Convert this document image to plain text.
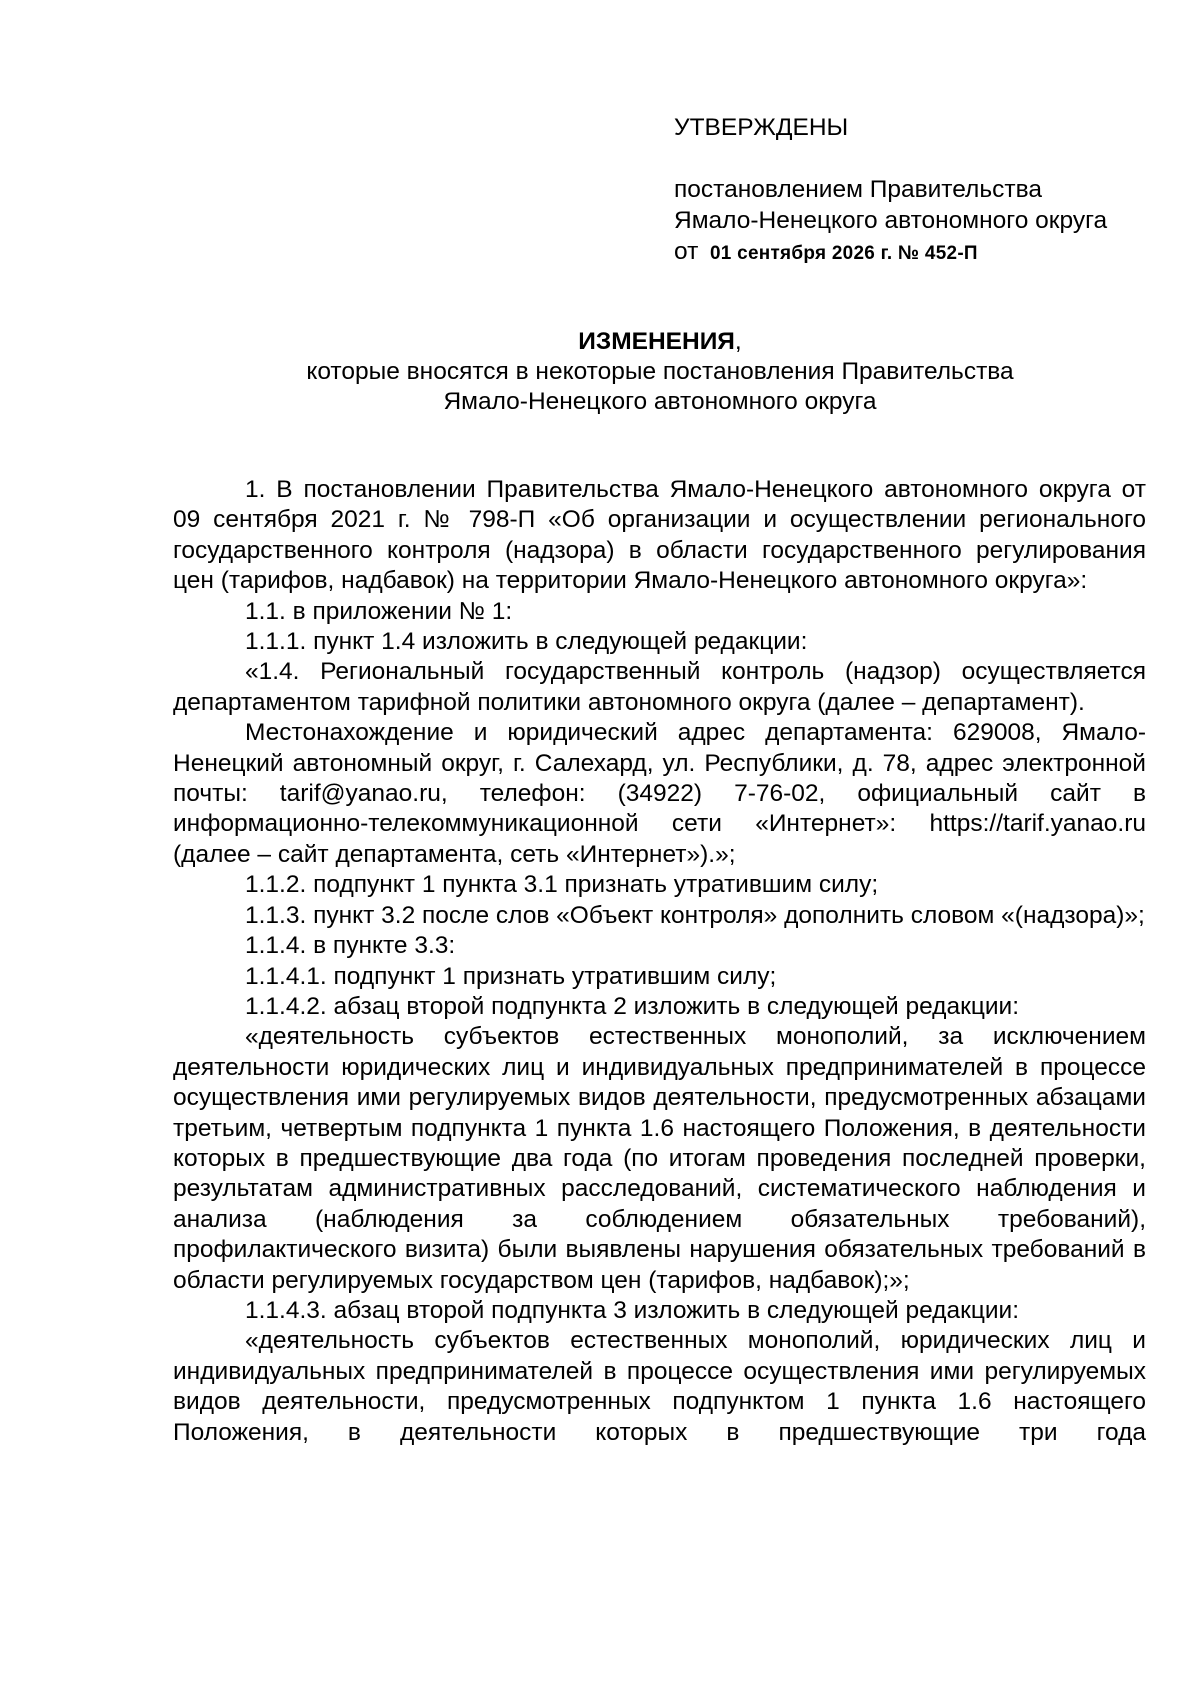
УТВЕРЖДЕНЫ
постановлением Правительства
Ямало-Ненецкого автономного округа
от 01 сентября 2026 г. № 452-П
ИЗМЕНЕНИЯ,
которые вносятся в некоторые постановления Правительства
Ямало-Ненецкого автономного округа

1. В постановлении Правительства Ямало-Ненецкого автономного округа от 09 сентября 2021 г. № 798-П «Об организации и осуществлении регионального государственного контроля (надзора) в области государственного регулирования цен (тарифов, надбавок) на территории Ямало-Ненецкого автономного округа»:

1.1. в приложении № 1:

1.1.1. пункт 1.4 изложить в следующей редакции:

«1.4. Региональный государственный контроль (надзор) осуществляется департаментом тарифной политики автономного округа (далее – департамент).

Местонахождение и юридический адрес департамента: 629008, Ямало-Ненецкий автономный округ, г. Салехард, ул. Республики, д. 78, адрес электронной почты: tarif@yanao.ru, телефон: (34922) 7-76-02, официальный сайт в информационно-телекоммуникационной сети «Интернет»: https://tarif.yanao.ru (далее – сайт департамента, сеть «Интернет»).»;

1.1.2. подпункт 1 пункта 3.1 признать утратившим силу;

1.1.3. пункт 3.2 после слов «Объект контроля» дополнить словом «(надзора)»;

1.1.4. в пункте 3.3:

1.1.4.1. подпункт 1 признать утратившим силу;

1.1.4.2. абзац второй подпункта 2 изложить в следующей редакции:

«деятельность субъектов естественных монополий, за исключением деятельности юридических лиц и индивидуальных предпринимателей в процессе осуществления ими регулируемых видов деятельности, предусмотренных абзацами третьим, четвертым подпункта 1 пункта 1.6 настоящего Положения, в деятельности которых в предшествующие два года (по итогам проведения последней проверки, результатам административных расследований, систематического наблюдения и анализа (наблюдения за соблюдением обязательных требований), профилактического визита) были выявлены нарушения обязательных требований в области регулируемых государством цен (тарифов, надбавок);»;

1.1.4.3. абзац второй подпункта 3 изложить в следующей редакции:

«деятельность субъектов естественных монополий, юридических лиц и индивидуальных предпринимателей в процессе осуществления ими регулируемых видов деятельности, предусмотренных подпунктом 1 пункта 1.6 настоящего Положения, в деятельности которых в предшествующие три года
